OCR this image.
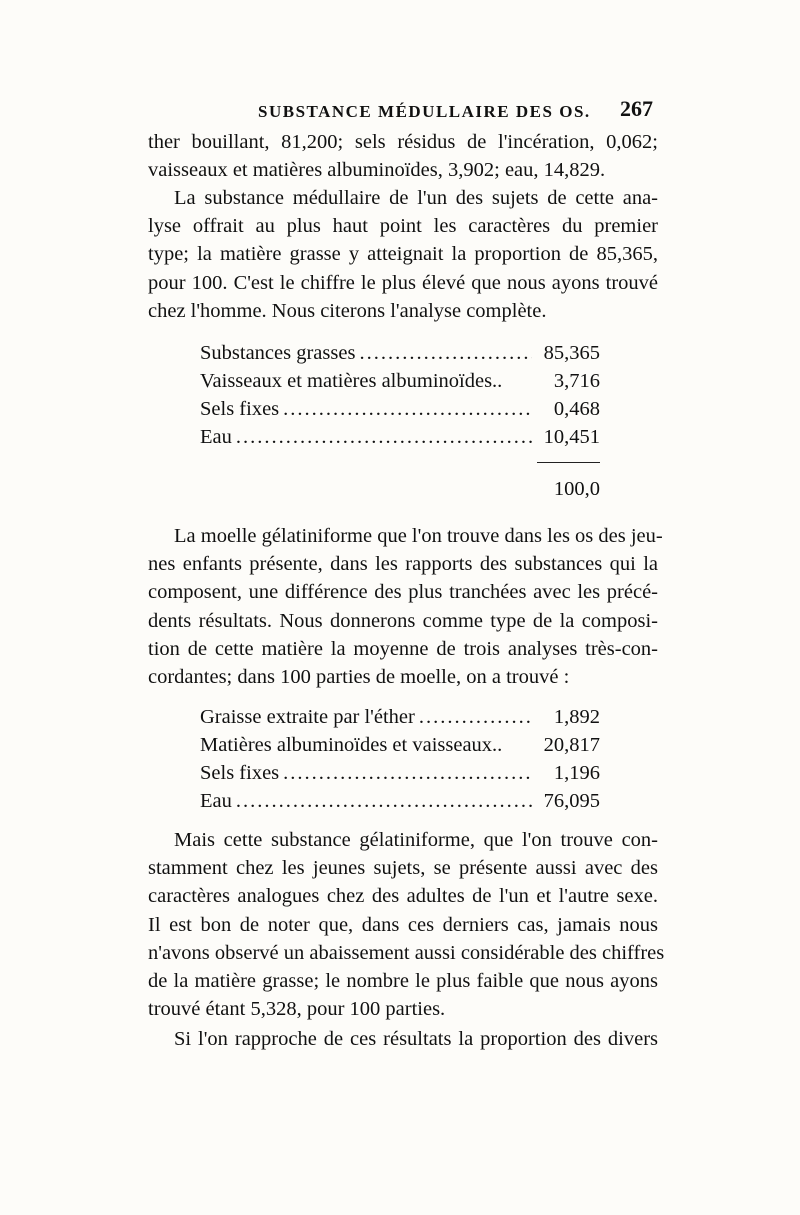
SUBSTANCE MÉDULLAIRE DES OS. 267
ther bouillant, 81,200; sels résidus de l'incération, 0,062;
vaisseaux et matières albuminoïdes, 3,902; eau, 14,829.
La substance médullaire de l'un des sujets de cette ana-
lyse offrait au plus haut point les caractères du premier
type; la matière grasse y atteignait la proportion de 85,365,
pour 100. C'est le chiffre le plus élevé que nous ayons trouvé
chez l'homme. Nous citerons l'analyse complète.
Substances grasses .....	85,365
Vaisseaux et matières albuminoïdes..	3,716
Sels fixes .....	0,468
Eau .....	10,451
100,0
La moelle gélatiniforme que l'on trouve dans les os des jeu-
nes enfants présente, dans les rapports des substances qui la
composent, une différence des plus tranchées avec les précé-
dents résultats. Nous donnerons comme type de la composi-
tion de cette matière la moyenne de trois analyses très-con-
cordantes; dans 100 parties de moelle, on a trouvé :
Graisse extraite par l'éther .....	1,892
Matières albuminoïdes et vaisseaux..	20,817
Sels fixes .....	1,196
Eau .....	76,095
Mais cette substance gélatiniforme, que l'on trouve con-
stamment chez les jeunes sujets, se présente aussi avec des
caractères analogues chez des adultes de l'un et l'autre sexe.
Il est bon de noter que, dans ces derniers cas, jamais nous
n'avons observé un abaissement aussi considérable des chiffres
de la matière grasse; le nombre le plus faible que nous ayons
trouvé étant 5,328, pour 100 parties.
Si l'on rapproche de ces résultats la proportion des divers
